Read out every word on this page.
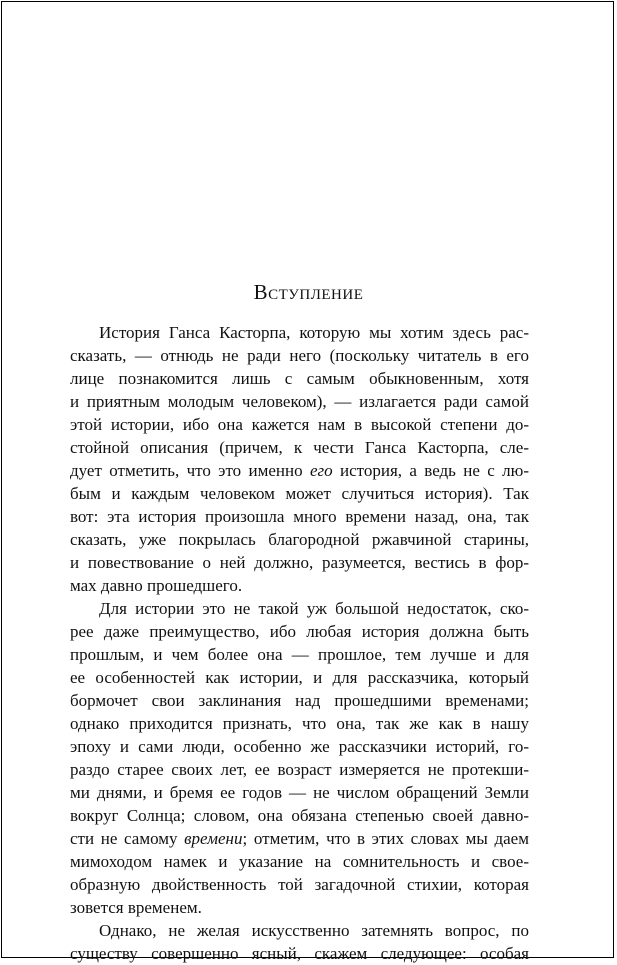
Вступление
История Ганса Касторпа, которую мы хотим здесь рас-
сказать, — отнюдь не ради него (поскольку читатель в его
лице познакомится лишь с самым обыкновенным, хотя
и приятным молодым человеком), — излагается ради самой
этой истории, ибо она кажется нам в высокой степени до-
стойной описания (причем, к чести Ганса Касторпа, сле-
дует отметить, что это именно его история, а ведь не с лю-
бым и каждым человеком может случиться история). Так
вот: эта история произошла много времени назад, она, так
сказать, уже покрылась благородной ржавчиной старины,
и повествование о ней должно, разумеется, вестись в фор-
мах давно прошедшего.
Для истории это не такой уж большой недостаток, ско-
рее даже преимущество, ибо любая история должна быть
прошлым, и чем более она — прошлое, тем лучше и для
ее особенностей как истории, и для рассказчика, который
бормочет свои заклинания над прошедшими временами;
однако приходится признать, что она, так же как в нашу
эпоху и сами люди, особенно же рассказчики историй, го-
раздо старее своих лет, ее возраст измеряется не протекши-
ми днями, и бремя ее годов — не числом обращений Земли
вокруг Солнца; словом, она обязана степенью своей давно-
сти не самому времени; отметим, что в этих словах мы даем
мимоходом намек и указание на сомнительность и свое-
образную двойственность той загадочной стихии, которая
зовется временем.
Однако, не желая искусственно затемнять вопрос, по
существу совершенно ясный, скажем следующее: особая
